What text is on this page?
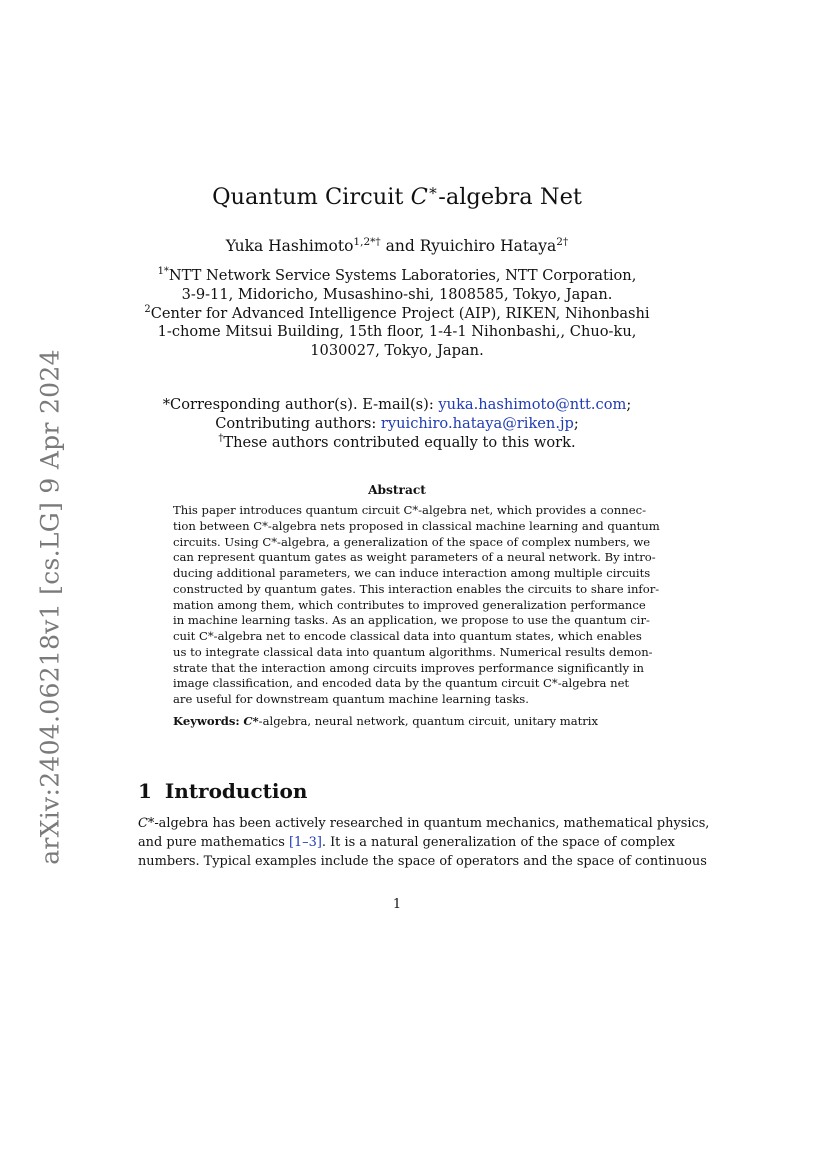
arXiv:2404.06218v1 [cs.LG] 9 Apr 2024
Quantum Circuit C∗-algebra Net
Yuka Hashimoto$^{1,2*\dagger}$ and Ryuichiro Hataya$^{2\dagger}$
$^{1*}$NTT Network Service Systems Laboratories, NTT Corporation,
3-9-11, Midoricho, Musashino-shi, 1808585, Tokyo, Japan.
$^2$Center for Advanced Intelligence Project (AIP), RIKEN, Nihonbashi
1-chome Mitsui Building, 15th floor, 1-4-1 Nihonbashi,, Chuo-ku,
1030027, Tokyo, Japan.
*Corresponding author(s). E-mail(s): yuka.hashimoto@ntt.com;
Contributing authors: ryuichiro.hataya@riken.jp;
†These authors contributed equally to this work.
Abstract
This paper introduces quantum circuit C*-algebra net, which provides a connec-
tion between C*-algebra nets proposed in classical machine learning and quantum
circuits. Using C*-algebra, a generalization of the space of complex numbers, we
can represent quantum gates as weight parameters of a neural network. By intro-
ducing additional parameters, we can induce interaction among multiple circuits
constructed by quantum gates. This interaction enables the circuits to share infor-
mation among them, which contributes to improved generalization performance
in machine learning tasks. As an application, we propose to use the quantum cir-
cuit C*-algebra net to encode classical data into quantum states, which enables
us to integrate classical data into quantum algorithms. Numerical results demon-
strate that the interaction among circuits improves performance significantly in
image classification, and encoded data by the quantum circuit C*-algebra net
are useful for downstream quantum machine learning tasks.
Keywords: C*-algebra, neural network, quantum circuit, unitary matrix
1 Introduction
C*-algebra has been actively researched in quantum mechanics, mathematical physics,
and pure mathematics [1–3]. It is a natural generalization of the space of complex
numbers. Typical examples include the space of operators and the space of continuous
1
